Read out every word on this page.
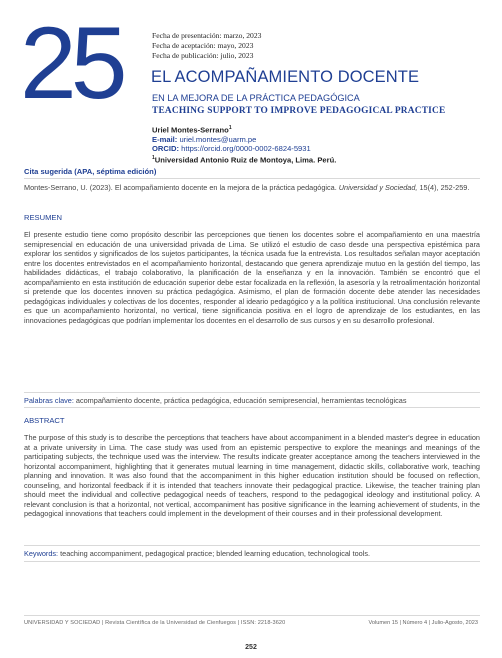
25	Fecha de presentación: marzo, 2023
Fecha de aceptación: mayo, 2023
Fecha de publicación: julio, 2023
EL ACOMPAÑAMIENTO DOCENTE
EN LA MEJORA DE LA PRÁCTICA PEDAGÓGICA
TEACHING SUPPORT TO IMPROVE PEDAGOGICAL PRACTICE
Uriel Montes-Serrano$^1$
E-mail: uriel.montes@uarm.pe
ORCID: https://orcid.org/0000-0002-6824-5931
$^1$Universidad Antonio Ruiz de Montoya, Lima. Perú.
Cita sugerida (APA, séptima edición)
Montes-Serrano, U. (2023). El acompañamiento docente en la mejora de la práctica pedagógica. Universidad y Sociedad, 15(4), 252-259.
RESUMEN
El presente estudio tiene como propósito describir las percepciones que tienen los docentes sobre el acompañamiento en una maestría semipresencial en educación de una universidad privada de Lima. Se utilizó el estudio de caso desde una perspectiva epistémica para explorar los sentidos y significados de los sujetos participantes, la técnica usada fue la entrevista. Los resultados señalan mayor aceptación entre los docentes entrevistados en el acompañamiento horizontal, destacando que genera aprendizaje mutuo en la gestión del tiempo, las habilidades didácticas, el trabajo colaborativo, la planificación de la enseñanza y en la innovación. También se encontró que el acompañamiento en esta institución de educación superior debe estar focalizada en la reflexión, la asesoría y la retroalimentación horizontal si pretende que los docentes innoven su práctica pedagógica. Asimismo, el plan de formación docente debe atender las necesidades pedagógicas individuales y colectivas de los docentes, responder al ideario pedagógico y a la política institucional. Una conclusión relevante es que un acompañamiento horizontal, no vertical, tiene significancia positiva en el logro de aprendizaje de los estudiantes, en las innovaciones pedagógicas que podrían implementar los docentes en el desarrollo de sus cursos y en su desarrollo profesional.
Palabras clave: acompañamiento docente, práctica pedagógica, educación semipresencial, herramientas tecnológicas
ABSTRACT
The purpose of this study is to describe the perceptions that teachers have about accompaniment in a blended master's degree in education at a private university in Lima. The case study was used from an epistemic perspective to explore the meanings and meanings of the participating subjects, the technique used was the interview. The results indicate greater acceptance among the teachers interviewed in the horizontal accompaniment, highlighting that it generates mutual learning in time management, didactic skills, collaborative work, teaching planning and innovation. It was also found that the accompaniment in this higher education institution should be focused on reflection, counseling, and horizontal feedback if it is intended that teachers innovate their pedagogical practice. Likewise, the teacher training plan should meet the individual and collective pedagogical needs of teachers, respond to the pedagogical ideology and institutional policy. A relevant conclusion is that a horizontal, not vertical, accompaniment has positive significance in the learning achievement of students, in the pedagogical innovations that teachers could implement in the development of their courses and in their professional development.
Keywords: teaching accompaniment, pedagogical practice; blended learning education, technological tools.
UNIVERSIDAD Y SOCIEDAD | Revista Científica de la Universidad de Cienfuegos | ISSN: 2218-3620	Volumen 15 | Número 4 | Julio-Agosto, 2023
252
